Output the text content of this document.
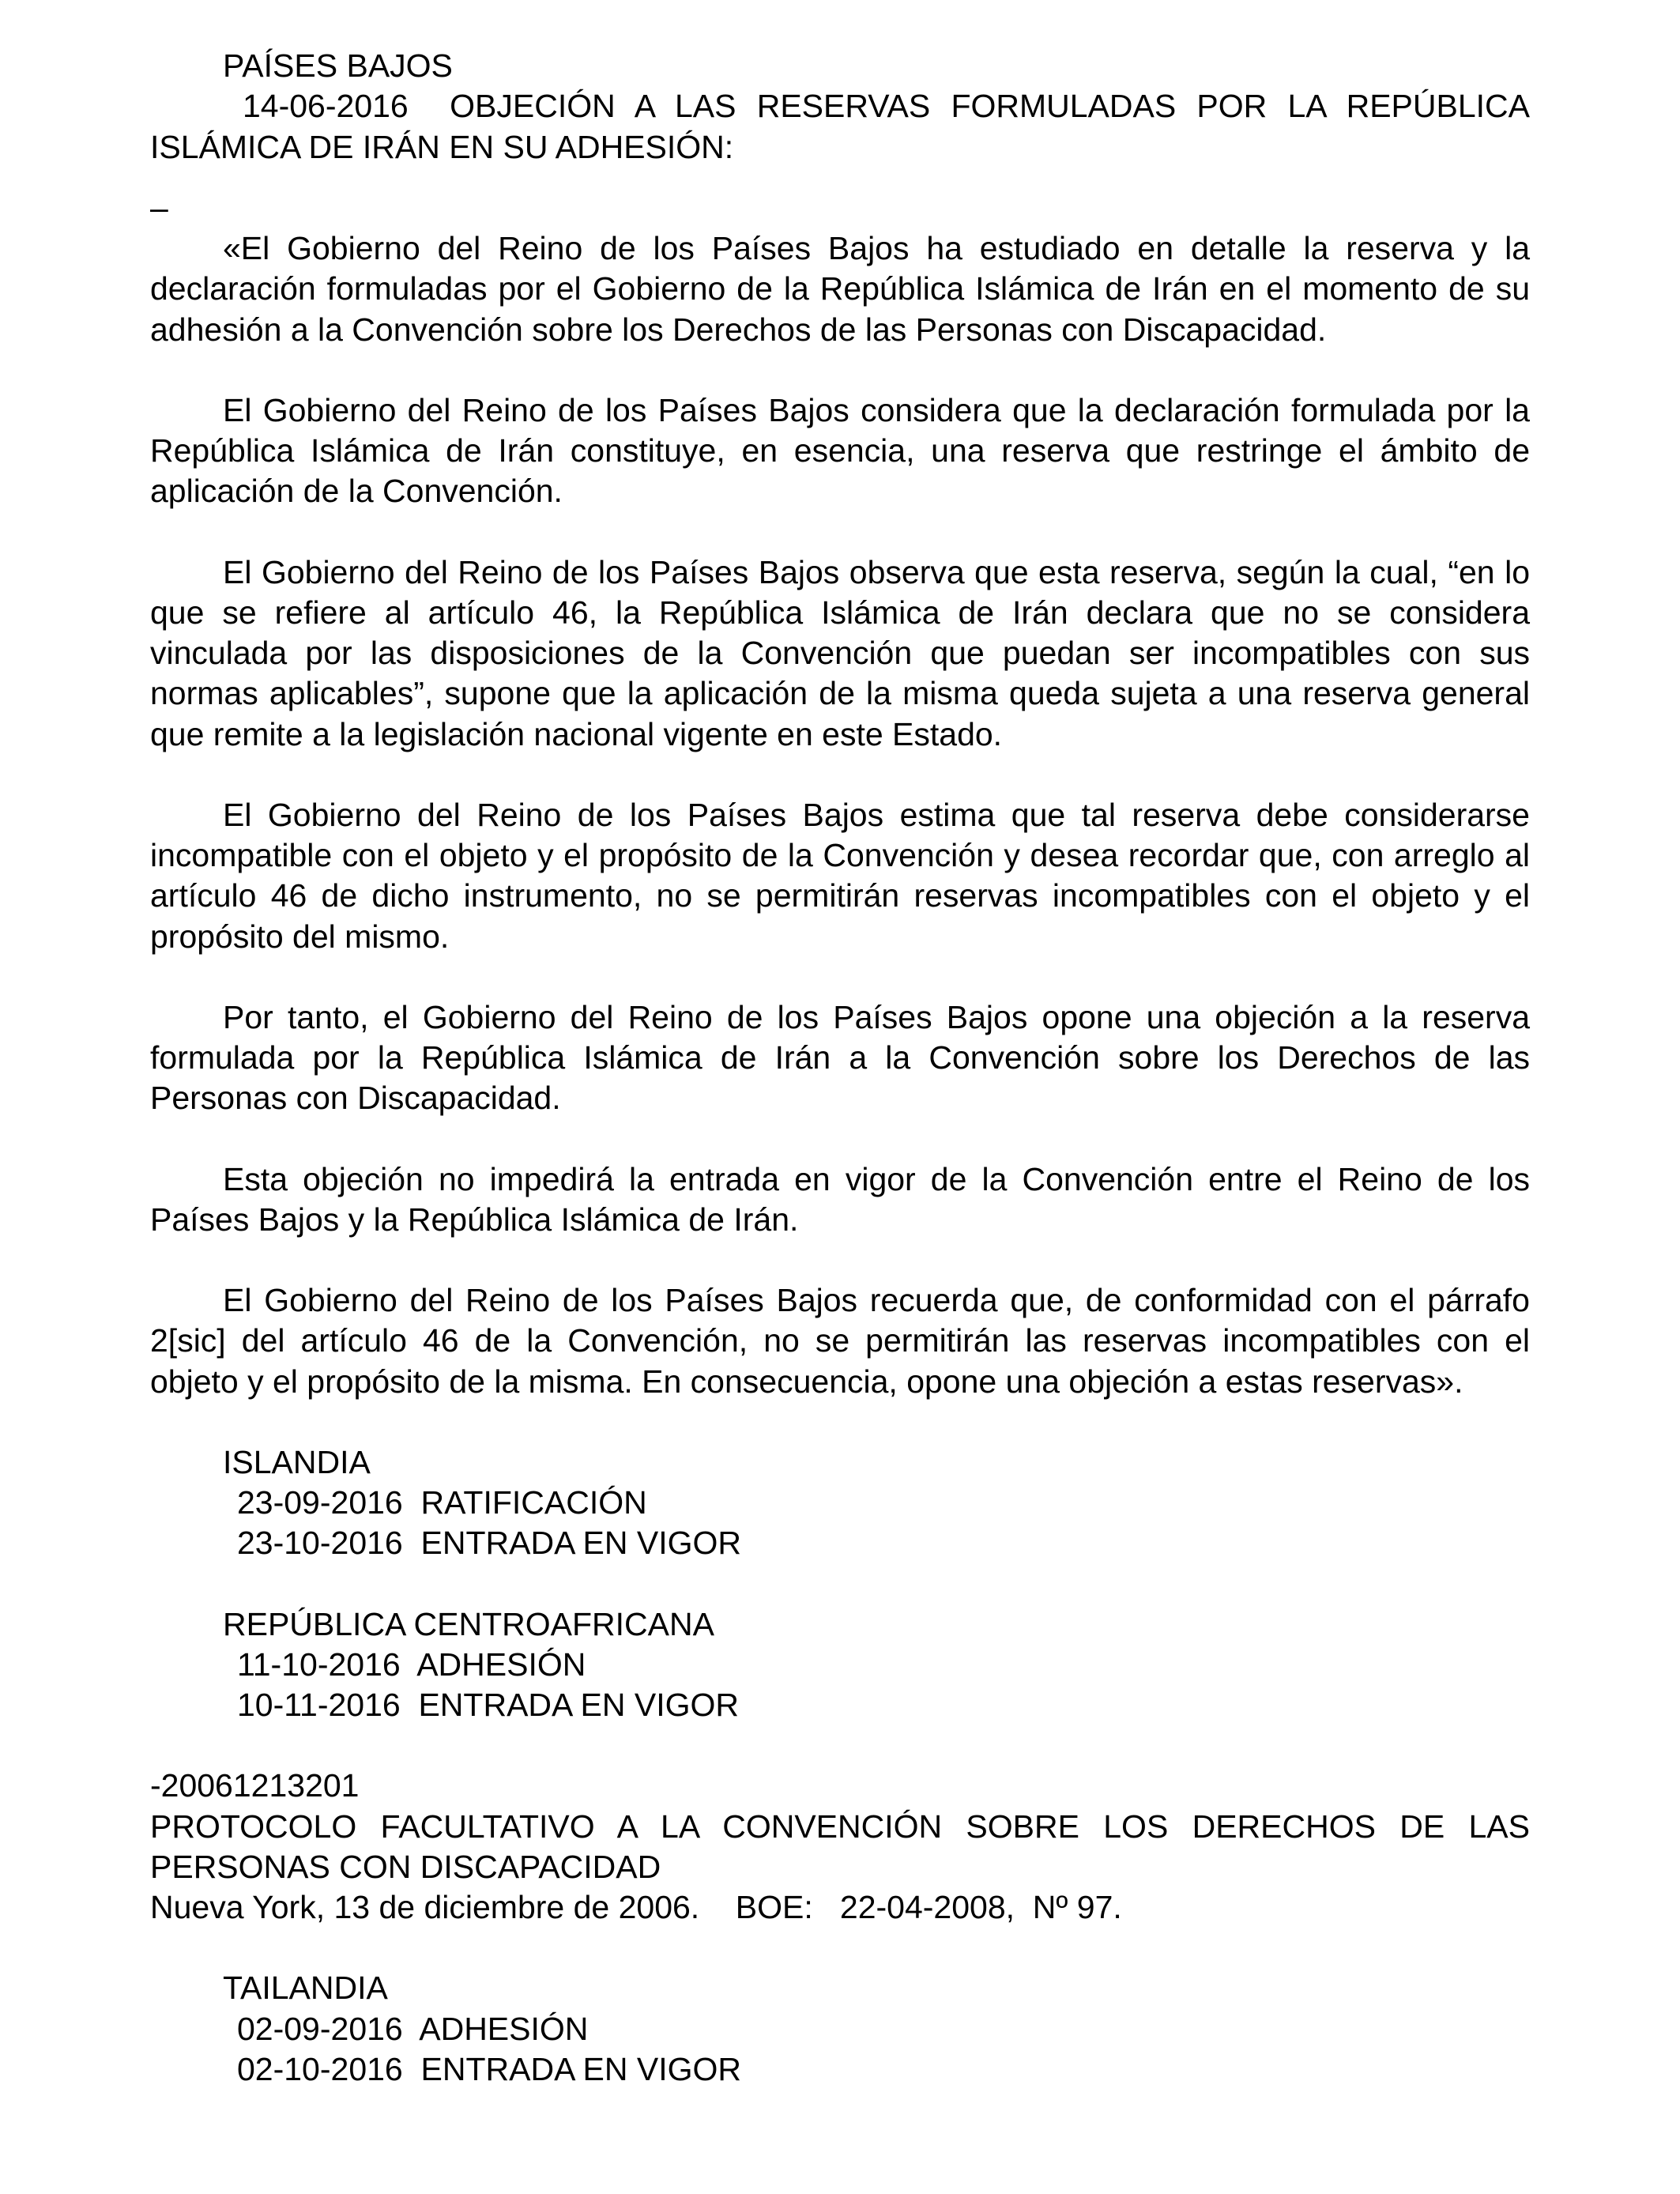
PAÍSES BAJOS

14-06-2016  OBJECIÓN A LAS RESERVAS FORMULADAS POR LA REPÚBLICA ISLÁMICA DE IRÁN EN SU ADHESIÓN:

–

«El Gobierno del Reino de los Países Bajos ha estudiado en detalle la reserva y la declaración formuladas por el Gobierno de la República Islámica de Irán en el momento de su adhesión a la Convención sobre los Derechos de las Personas con Discapacidad.

El Gobierno del Reino de los Países Bajos considera que la declaración formulada por la República Islámica de Irán constituye, en esencia, una reserva que restringe el ámbito de aplicación de la Convención.

El Gobierno del Reino de los Países Bajos observa que esta reserva, según la cual, “en lo que se refiere al artículo 46, la República Islámica de Irán declara que no se considera vinculada por las disposiciones de la Convención que puedan ser incompatibles con sus normas aplicables”, supone que la aplicación de la misma queda sujeta a una reserva general que remite a la legislación nacional vigente en este Estado.

El Gobierno del Reino de los Países Bajos estima que tal reserva debe considerarse incompatible con el objeto y el propósito de la Convención y desea recordar que, con arreglo al artículo 46 de dicho instrumento, no se permitirán reservas incompatibles con el objeto y el propósito del mismo.

Por tanto, el Gobierno del Reino de los Países Bajos opone una objeción a la reserva formulada por la República Islámica de Irán a la Convención sobre los Derechos de las Personas con Discapacidad.

Esta objeción no impedirá la entrada en vigor de la Convención entre el Reino de los Países Bajos y la República Islámica de Irán.

El Gobierno del Reino de los Países Bajos recuerda que, de conformidad con el párrafo 2[sic] del artículo 46 de la Convención, no se permitirán las reservas incompatibles con el objeto y el propósito de la misma. En consecuencia, opone una objeción a estas reservas».

ISLANDIA

23-09-2016  RATIFICACIÓN

23-10-2016  ENTRADA EN VIGOR

REPÚBLICA CENTROAFRICANA

11-10-2016  ADHESIÓN

10-11-2016  ENTRADA EN VIGOR

-20061213201

PROTOCOLO FACULTATIVO A LA CONVENCIÓN SOBRE LOS DERECHOS DE LAS PERSONAS CON DISCAPACIDAD

Nueva York, 13 de diciembre de 2006.    BOE:   22-04-2008,  Nº 97.

TAILANDIA

02-09-2016  ADHESIÓN

02-10-2016  ENTRADA EN VIGOR
